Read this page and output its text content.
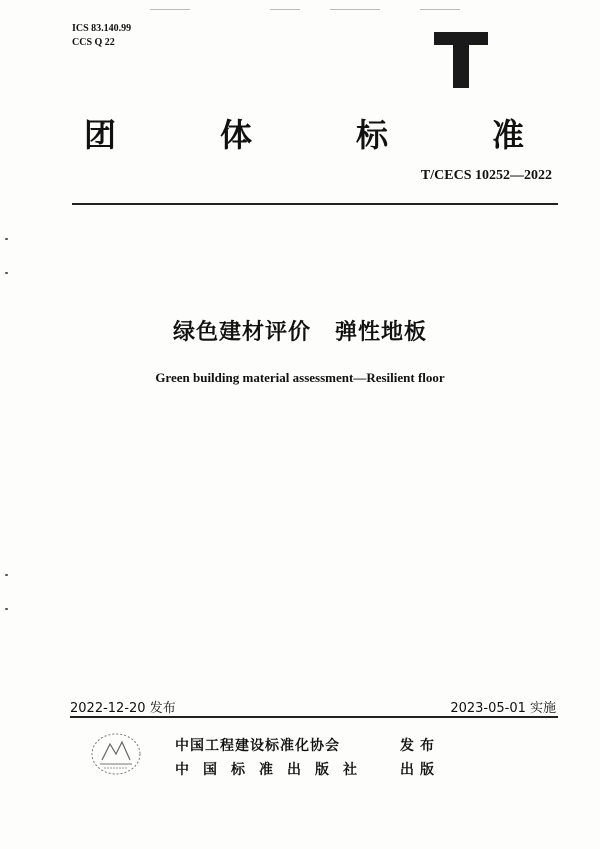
ICS 83.140.99
CCS Q 22
T
团	体	标	准
T/CECS 10252—2022
绿色建材评价 弹性地板
Green building material assessment—Resilient floor
2022-12-20 发布	2023-05-01 实施
中国工程建设标准化协会	发布
中 国 标 准 出 版 社	出版
